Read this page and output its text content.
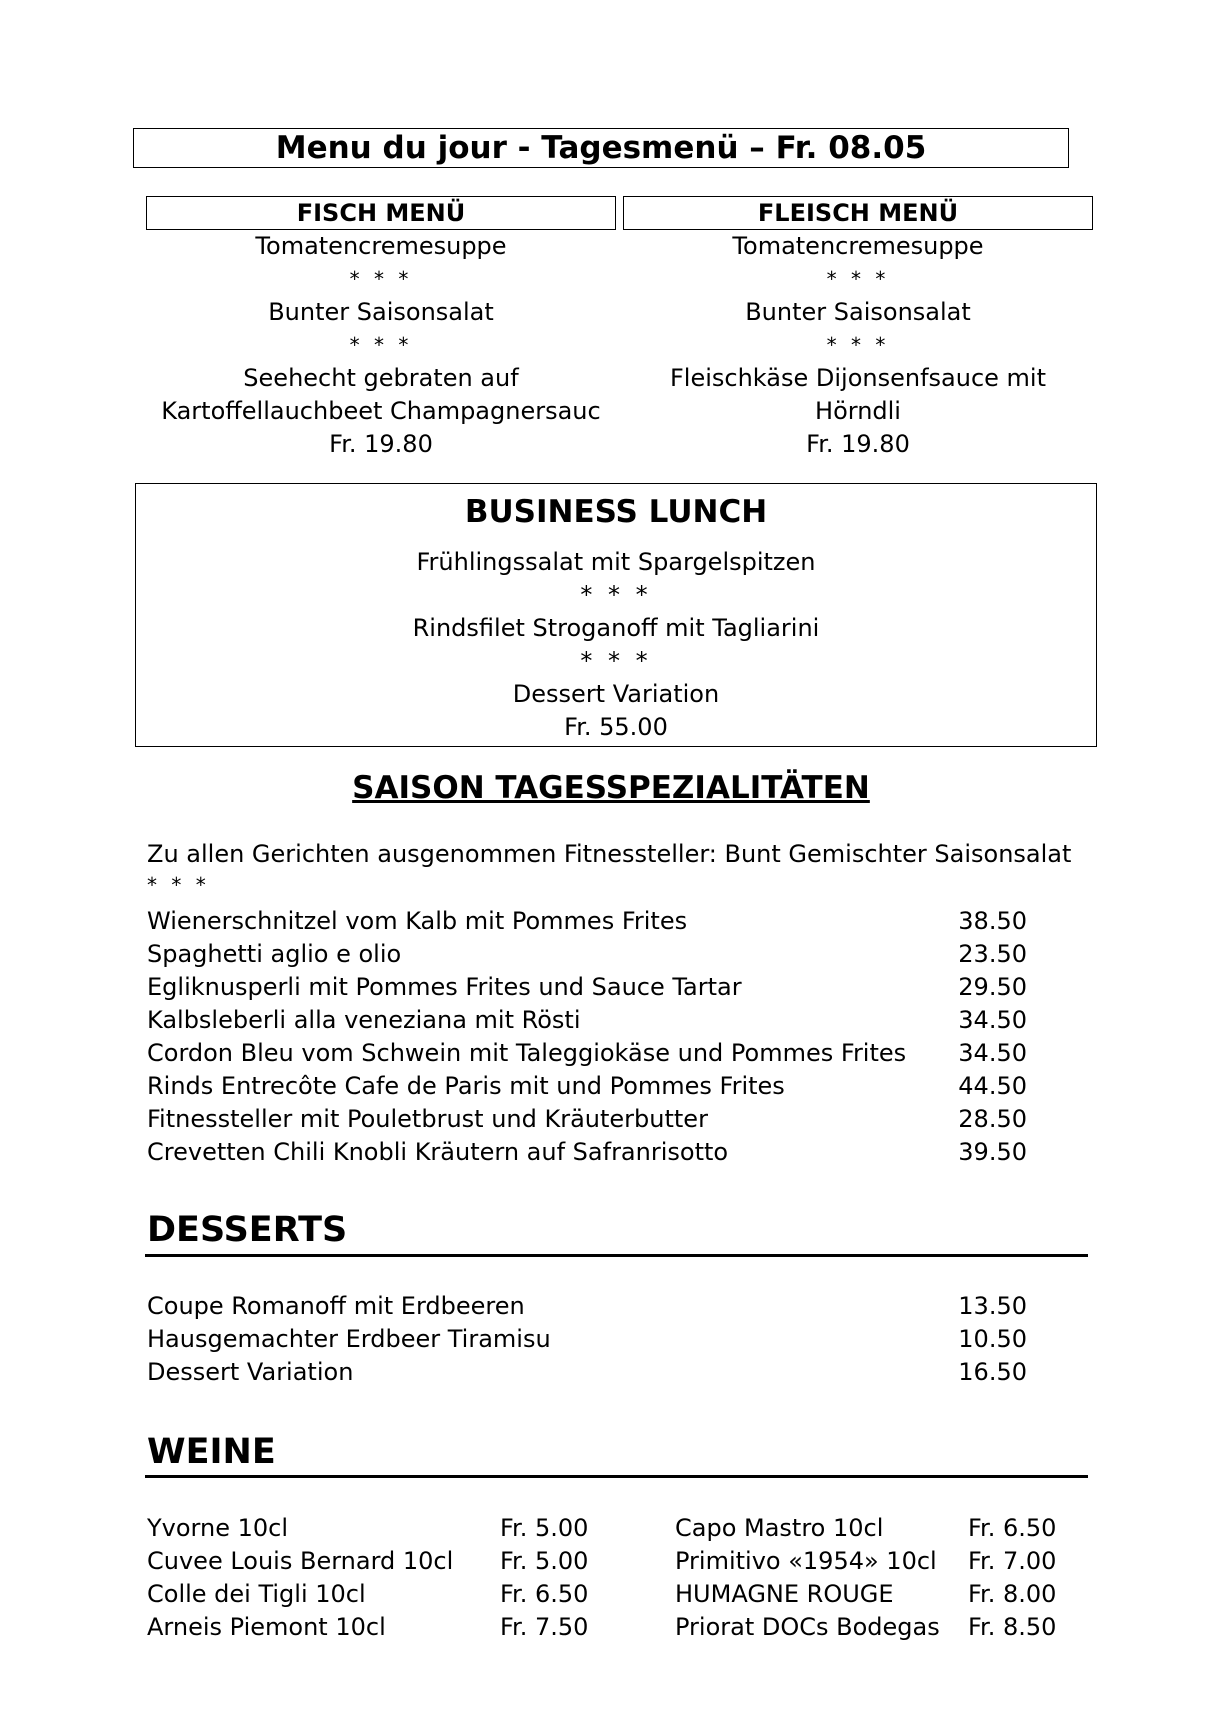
Menu du jour - Tagesmenü – Fr. 08.05
FISCH MENÜ
Tomatencremesuppe
* * *
Bunter Saisonsalat
* * *
Seehecht gebraten auf
Kartoffellauchbeet Champagnersauc
Fr. 19.80
FLEISCH MENÜ
Tomatencremesuppe
* * *
Bunter Saisonsalat
* * *
Fleischkäse Dijonsenfsauce mit
Hörndli
Fr. 19.80
BUSINESS LUNCH
Frühlingssalat mit Spargelspitzen
* * *
Rindsfilet Stroganoff mit Tagliarini
* * *
Dessert Variation
Fr. 55.00
SAISON TAGESSPEZIALITÄTEN
Zu allen Gerichten ausgenommen Fitnessteller: Bunt Gemischter Saisonsalat
* * *
Wienerschnitzel vom Kalb mit Pommes Frites	38.50
Spaghetti aglio e olio	23.50
Egliknusperli mit Pommes Frites und Sauce Tartar	29.50
Kalbsleberli alla veneziana mit Rösti	34.50
Cordon Bleu vom Schwein mit Taleggiokäse und Pommes Frites 34.50
Rinds Entrecôte Cafe de Paris mit und Pommes Frites	44.50
Fitnessteller mit Pouletbrust und Kräuterbutter	28.50
Crevetten Chili Knobli Kräutern auf Safranrisotto	39.50
DESSERTS
Coupe Romanoff mit Erdbeeren	13.50
Hausgemachter Erdbeer Tiramisu	10.50
Dessert Variation	16.50
WEINE
Yvorne 10cl	Fr. 5.00
Cuvee Louis Bernard 10cl Fr. 5.00
Colle dei Tigli 10cl	Fr. 6.50
Arneis Piemont 10cl	Fr. 7.50
Capo Mastro 10cl	Fr. 6.50
Primitivo «1954» 10cl Fr. 7.00
HUMAGNE ROUGE	Fr. 8.00
Priorat DOCs Bodegas Fr. 8.50
